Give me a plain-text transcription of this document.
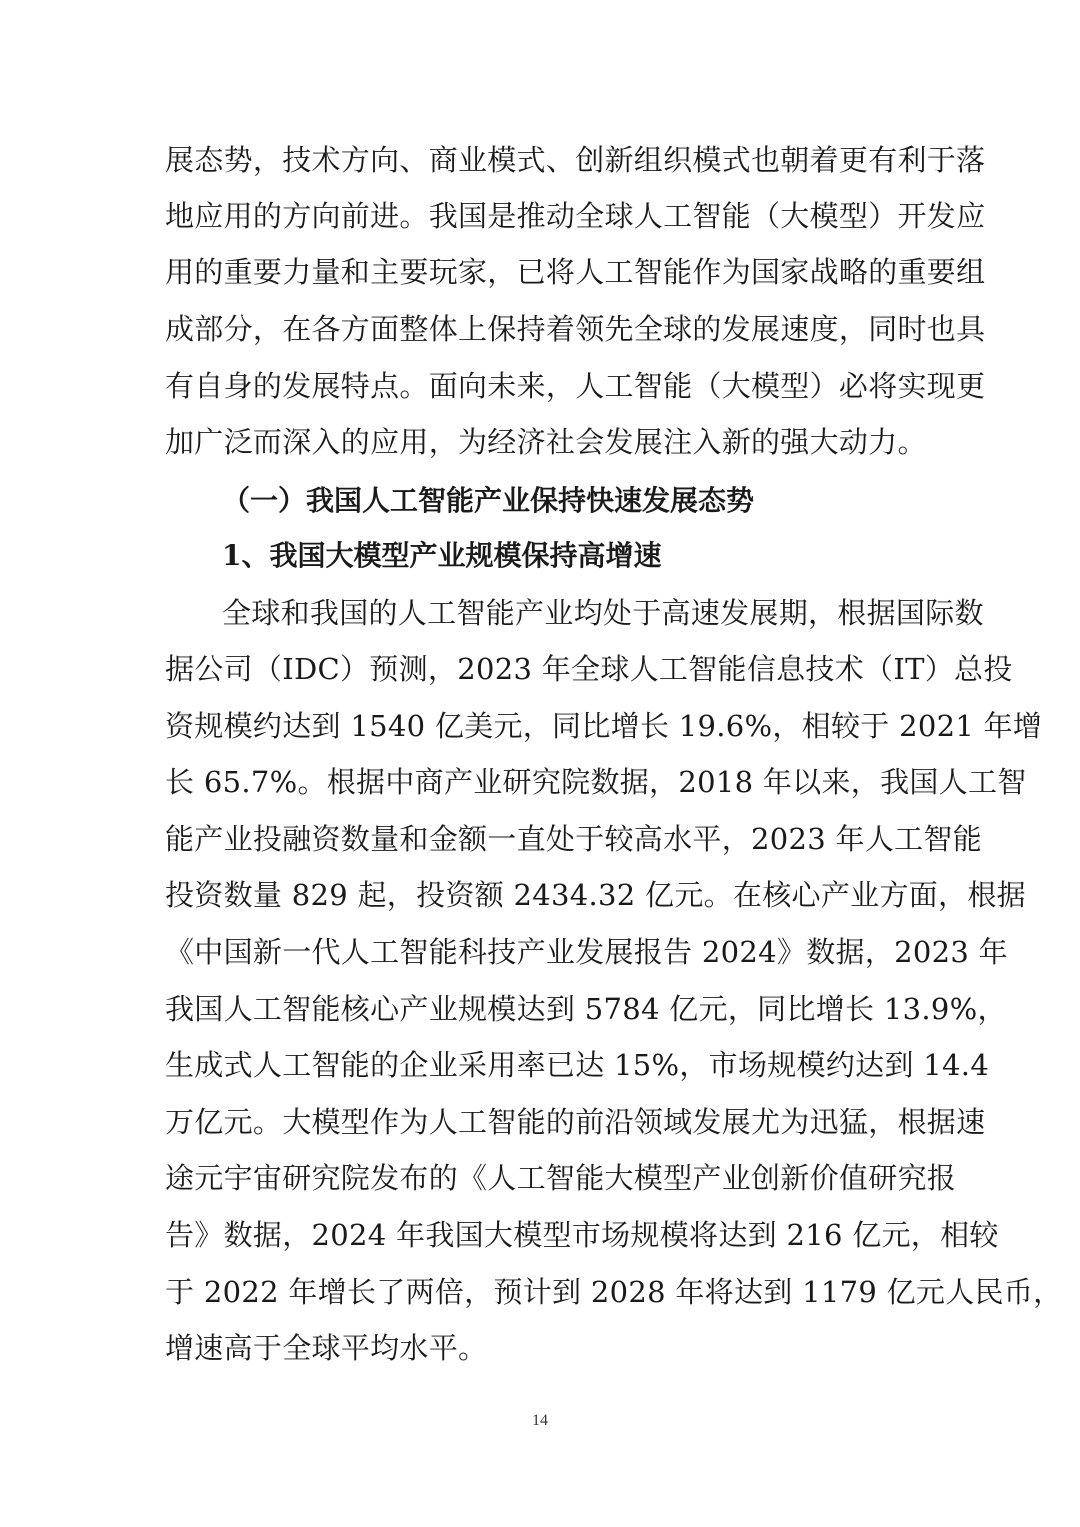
展态势，技术方向、商业模式、创新组织模式也朝着更有利于落
地应用的方向前进。我国是推动全球人工智能（大模型）开发应
用的重要力量和主要玩家，已将人工智能作为国家战略的重要组
成部分，在各方面整体上保持着领先全球的发展速度，同时也具
有自身的发展特点。面向未来，人工智能（大模型）必将实现更
加广泛而深入的应用，为经济社会发展注入新的强大动力。
（一）我国人工智能产业保持快速发展态势
1、我国大模型产业规模保持高增速
全球和我国的人工智能产业均处于高速发展期，根据国际数
据公司（IDC）预测，2023 年全球人工智能信息技术（IT）总投
资规模约达到 1540 亿美元，同比增长 19.6%，相较于 2021 年增
长 65.7%。根据中商产业研究院数据，2018 年以来，我国人工智
能产业投融资数量和金额一直处于较高水平，2023 年人工智能
投资数量 829 起，投资额 2434.32 亿元。在核心产业方面，根据
《中国新一代人工智能科技产业发展报告 2024》数据，2023 年
我国人工智能核心产业规模达到 5784 亿元，同比增长 13.9%，
生成式人工智能的企业采用率已达 15%，市场规模约达到 14.4
万亿元。大模型作为人工智能的前沿领域发展尤为迅猛，根据速
途元宇宙研究院发布的《人工智能大模型产业创新价值研究报
告》数据，2024 年我国大模型市场规模将达到 216 亿元，相较
于 2022 年增长了两倍，预计到 2028 年将达到 1179 亿元人民币，
增速高于全球平均水平。
14
